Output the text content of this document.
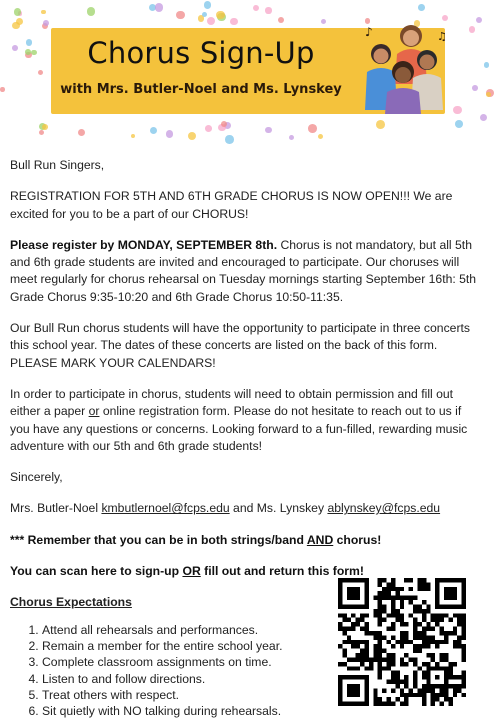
Chorus Sign-Up
with Mrs. Butler-Noel and Ms. Lynskey
♪	♫

Bull Run Singers,

REGISTRATION FOR 5TH AND 6TH GRADE CHORUS IS NOW OPEN!!! We are excited for you to be a part of our CHORUS!

Please register by MONDAY, SEPTEMBER 8th. Chorus is not mandatory, but all 5th and 6th grade students are invited and encouraged to participate. Our choruses will meet regularly for chorus rehearsal on Tuesday mornings starting September 16th: 5th Grade Chorus 9:35-10:20 and 6th Grade Chorus 10:50-11:35.

Our Bull Run chorus students will have the opportunity to participate in three concerts this school year. The dates of these concerts are listed on the back of this form. PLEASE MARK YOUR CALENDARS!

In order to participate in chorus, students will need to obtain permission and fill out either a paper or online registration form. Please do not hesitate to reach out to us if you have any questions or concerns. Looking forward to a fun-filled, rewarding music adventure with our 5th and 6th grade students!

Sincerely,

Mrs. Butler-Noel kmbutlernoel@fcps.edu and Ms. Lynskey ablynskey@fcps.edu

*** Remember that you can be in both strings/band AND chorus!

You can scan here to sign-up OR fill out and return this form!

Chorus Expectations
1. Attend all rehearsals and performances.
2. Remain a member for the entire school year.
3. Complete classroom assignments on time.
4. Listen to and follow directions.
5. Treat others with respect.
6. Sit quietly with NO talking during rehearsals.
